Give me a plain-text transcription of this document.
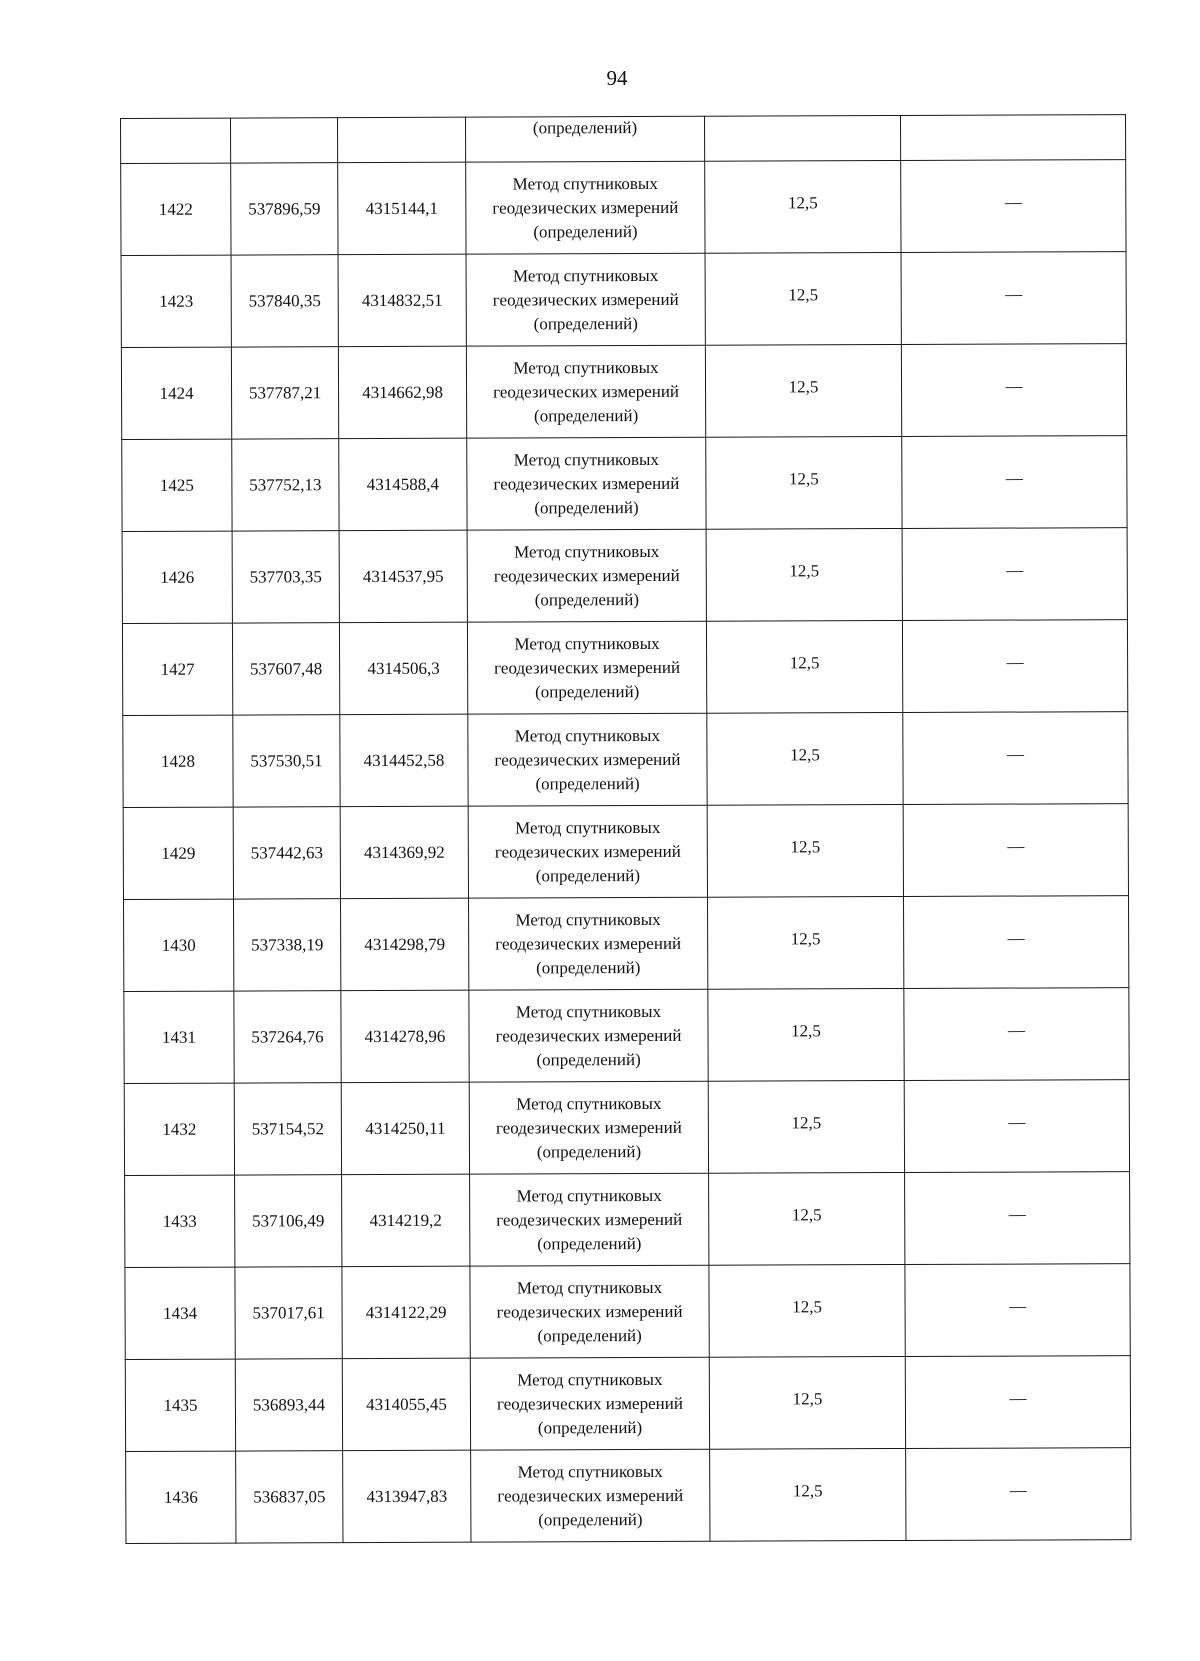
94
			(определений)		
1422	537896,59	4315144,1	Метод спутниковых
геодезических измерений
(определений)	12,5	—
1423	537840,35	4314832,51	Метод спутниковых
геодезических измерений
(определений)	12,5	—
1424	537787,21	4314662,98	Метод спутниковых
геодезических измерений
(определений)	12,5	—
1425	537752,13	4314588,4	Метод спутниковых
геодезических измерений
(определений)	12,5	—
1426	537703,35	4314537,95	Метод спутниковых
геодезических измерений
(определений)	12,5	—
1427	537607,48	4314506,3	Метод спутниковых
геодезических измерений
(определений)	12,5	—
1428	537530,51	4314452,58	Метод спутниковых
геодезических измерений
(определений)	12,5	—
1429	537442,63	4314369,92	Метод спутниковых
геодезических измерений
(определений)	12,5	—
1430	537338,19	4314298,79	Метод спутниковых
геодезических измерений
(определений)	12,5	—
1431	537264,76	4314278,96	Метод спутниковых
геодезических измерений
(определений)	12,5	—
1432	537154,52	4314250,11	Метод спутниковых
геодезических измерений
(определений)	12,5	—
1433	537106,49	4314219,2	Метод спутниковых
геодезических измерений
(определений)	12,5	—
1434	537017,61	4314122,29	Метод спутниковых
геодезических измерений
(определений)	12,5	—
1435	536893,44	4314055,45	Метод спутниковых
геодезических измерений
(определений)	12,5	—
1436	536837,05	4313947,83	Метод спутниковых
геодезических измерений
(определений)	12,5	—
